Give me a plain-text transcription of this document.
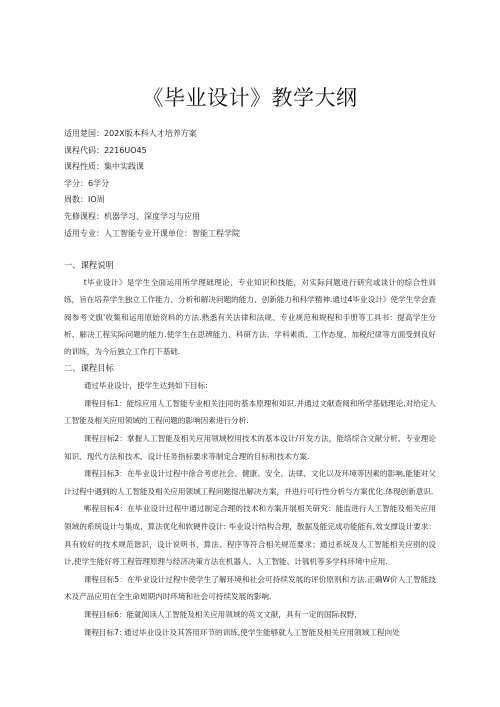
《毕业设计》教学大纲
适用楚国：202X版本科人才培养方案
课程代码：2216UO45
课程性质：集中实践课
学分：6学分
周数：IO周
先修课程：机器学习、深度学习与应用
适用专业：人工智能专业开课单位：智能工程学院
一、课程说明

t毕业设计》是学生全面运用所学理础理论、专业知识和技能，对实际问题进行研究或谈计的综合性训练，旨在培养学生独立工作能力、分析和解决问题的能力、创新能力和科学精神.通过4毕业设计》使学生学会查阅参考文旗'收集和运用原始资料的方法.熟悉有关法律和法规、专业规范和规程和手册等工具书：提高学生分析、解决工程实际问题的能力.使学生在思辨能力、科研方法、学科素质、工作态度、加税纪律等方面受到良好的训练，为今后独立工作打下基础.

二、课程目标

通过毕业设计，使学生达到如下目标:

课程目标1：能综应用人工智能专业相关注同的基本原理和知识.并通过文献查阅和所学基础理论,对给定人工智能及相关应用领域的工程问题的影响因素进行分析.

课程目标2：掌握人工智能及相关应用领域校用技术的基本设计/开发方法，能络综合文献分析、专业理论知识、现代方法和技术、设计任务指标要求等制定合理的目标和技术方案.

课程目标3：在毕业设计过程中徐合考虑社会、健康、安全、法律、文化以及环境等因素的影响,能能对父计过程中遇到的人工智能及相关应用领域工程问题提出解决方案，并进行可行性分析与方案优化.体现创新意识.

郸程目标4：在毕业设计过程中通过制定合理的技术和方案开展相关研究：能监进行人工智能及相关应用领域的系统设计与集成、算法优化和软硬件设计: 毕业设计结构合理，散据及能完成功能能有,效支撑设计要求：具有较好的技术规范谐识，设计说明书、算法、程序等符合相关规范要求；通过系统及人工智能相关应别的设计,使学生能好将工程管理原理与经济决策方法在机器人、人工智能、计瓠机等多学科环境中应用.

课程目标5：在毕业设计过程中使学生了解环境和社会可持续发展的评价原则和方法.正确W价人工智能技术及产品应用在全生命周期内时环境和社会可持续发展的影响.

课程目标6：能就阅读人工智能及相关应用领域的英文文献，具有一定的国际叔野,

课程目标7: 通过毕业设计及其答用环节的训练,使学生能够就人工智能及相关应用领域工程向处
